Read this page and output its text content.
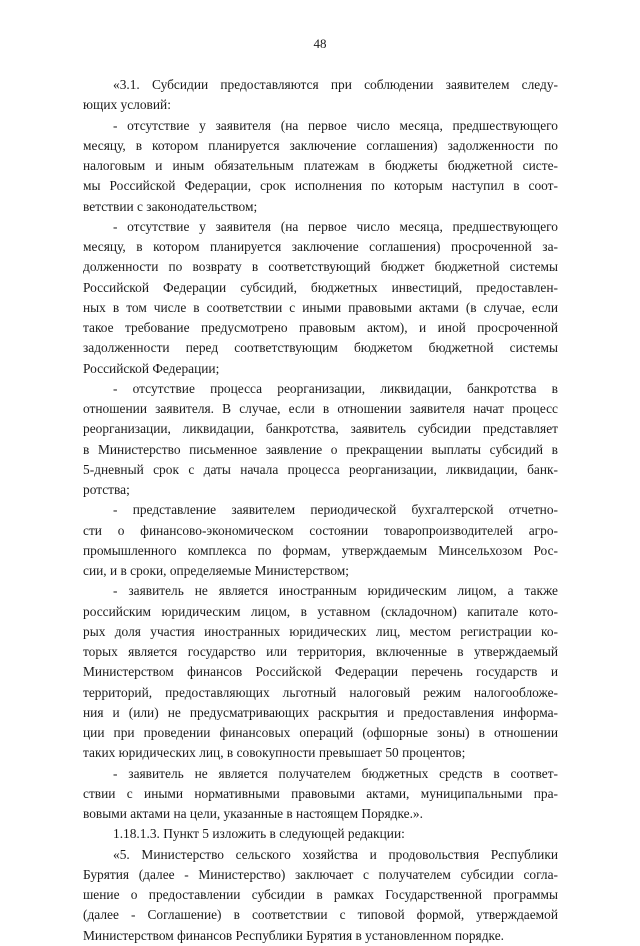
48
«3.1. Субсидии предоставляются при соблюдении заявителем следу-
ющих условий:
- отсутствие у заявителя (на первое число месяца, предшествующего
месяцу, в котором планируется заключение соглашения) задолженности по
налоговым и иным обязательным платежам в бюджеты бюджетной систе-
мы Российской Федерации, срок исполнения по которым наступил в соот-
ветствии с законодательством;
- отсутствие у заявителя (на первое число месяца, предшествующего
месяцу, в котором планируется заключение соглашения) просроченной за-
долженности по возврату в соответствующий бюджет бюджетной системы
Российской Федерации субсидий, бюджетных инвестиций, предоставлен-
ных в том числе в соответствии с иными правовыми актами (в случае, если
такое требование предусмотрено правовым актом), и иной просроченной
задолженности перед соответствующим бюджетом бюджетной системы
Российской Федерации;
- отсутствие процесса реорганизации, ликвидации, банкротства в
отношении заявителя. В случае, если в отношении заявителя начат процесс
реорганизации, ликвидации, банкротства, заявитель субсидии представляет
в Министерство письменное заявление о прекращении выплаты субсидий в
5-дневный срок с даты начала процесса реорганизации, ликвидации, банк-
ротства;
- представление заявителем периодической бухгалтерской отчетно-
сти о финансово-экономическом состоянии товаропроизводителей агро-
промышленного комплекса по формам, утверждаемым Минсельхозом Рос-
сии, и в сроки, определяемые Министерством;
- заявитель не является иностранным юридическим лицом, а также
российским юридическим лицом, в уставном (складочном) капитале кото-
рых доля участия иностранных юридических лиц, местом регистрации ко-
торых является государство или территория, включенные в утверждаемый
Министерством финансов Российской Федерации перечень государств и
территорий, предоставляющих льготный налоговый режим налогообложе-
ния и (или) не предусматривающих раскрытия и предоставления информа-
ции при проведении финансовых операций (офшорные зоны) в отношении
таких юридических лиц, в совокупности превышает 50 процентов;
- заявитель не является получателем бюджетных средств в соответ-
ствии с иными нормативными правовыми актами, муниципальными пра-
вовыми актами на цели, указанные в настоящем Порядке.».
1.18.1.3. Пункт 5 изложить в следующей редакции:
«5. Министерство сельского хозяйства и продовольствия Республики
Бурятия (далее - Министерство) заключает с получателем субсидии согла-
шение о предоставлении субсидии в рамках Государственной программы
(далее - Соглашение) в соответствии с типовой формой, утверждаемой
Министерством финансов Республики Бурятия в установленном порядке.
